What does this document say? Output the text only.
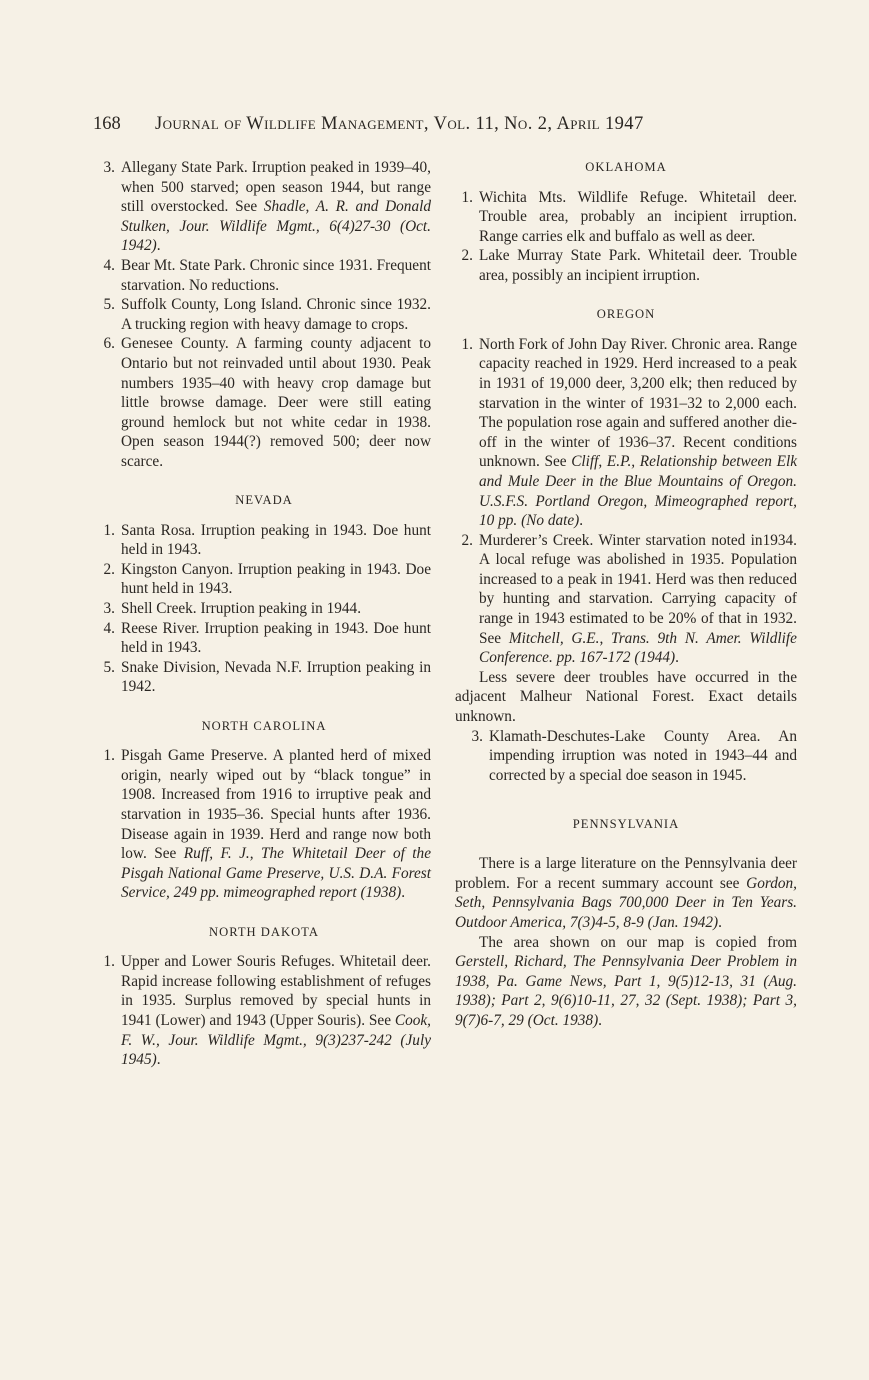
168 Journal of Wildlife Management, Vol. 11, No. 2, April 1947

3. Allegany State Park. Irruption peaked in 1939–40, when 500 starved; open season 1944, but range still overstocked. See Shadle, A. R. and Donald Stulken, Jour. Wildlife Mgmt., 6(4)27-30 (Oct. 1942).

4. Bear Mt. State Park. Chronic since 1931. Frequent starvation. No reductions.

5. Suffolk County, Long Island. Chronic since 1932. A trucking region with heavy damage to crops.

6. Genesee County. A farming county adjacent to Ontario but not reinvaded until about 1930. Peak numbers 1935–40 with heavy crop damage but little browse damage. Deer were still eating ground hemlock but not white cedar in 1938. Open season 1944(?) removed 500; deer now scarce.

NEVADA

1. Santa Rosa. Irruption peaking in 1943. Doe hunt held in 1943.

2. Kingston Canyon. Irruption peaking in 1943. Doe hunt held in 1943.

3. Shell Creek. Irruption peaking in 1944.

4. Reese River. Irruption peaking in 1943. Doe hunt held in 1943.

5. Snake Division, Nevada N.F. Irruption peaking in 1942.

NORTH CAROLINA

1. Pisgah Game Preserve. A planted herd of mixed origin, nearly wiped out by “black tongue” in 1908. Increased from 1916 to irruptive peak and starvation in 1935–36. Special hunts after 1936. Disease again in 1939. Herd and range now both low. See Ruff, F. J., The Whitetail Deer of the Pisgah National Game Preserve, U.S. D.A. Forest Service, 249 pp. mimeographed report (1938).

NORTH DAKOTA

1. Upper and Lower Souris Refuges. Whitetail deer. Rapid increase following establishment of refuges in 1935. Surplus removed by special hunts in 1941 (Lower) and 1943 (Upper Souris). See Cook, F. W., Jour. Wildlife Mgmt., 9(3)237-242 (July 1945).

OKLAHOMA

1. Wichita Mts. Wildlife Refuge. Whitetail deer. Trouble area, probably an incipient irruption. Range carries elk and buffalo as well as deer.

2. Lake Murray State Park. Whitetail deer. Trouble area, possibly an incipient irruption.

OREGON

1. North Fork of John Day River. Chronic area. Range capacity reached in 1929. Herd increased to a peak in 1931 of 19,000 deer, 3,200 elk; then reduced by starvation in the winter of 1931–32 to 2,000 each. The population rose again and suffered another die-off in the winter of 1936–37. Recent conditions unknown. See Cliff, E.P., Relationship between Elk and Mule Deer in the Blue Mountains of Oregon. U.S.F.S. Portland Oregon, Mimeographed report, 10 pp. (No date).

2. Murderer’s Creek. Winter starvation noted in1934. A local refuge was abolished in 1935. Population increased to a peak in 1941. Herd was then reduced by hunting and starvation. Carrying capacity of range in 1943 estimated to be 20% of that in 1932. See Mitchell, G.E., Trans. 9th N. Amer. Wildlife Conference. pp. 167-172 (1944).

Less severe deer troubles have occurred in the adjacent Malheur National Forest. Exact details unknown.

3. Klamath-Deschutes-Lake County Area. An impending irruption was noted in 1943–44 and corrected by a special doe season in 1945.

PENNSYLVANIA

There is a large literature on the Pennsylvania deer problem. For a recent summary account see Gordon, Seth, Pennsylvania Bags 700,000 Deer in Ten Years. Outdoor America, 7(3)4-5, 8-9 (Jan. 1942).

The area shown on our map is copied from Gerstell, Richard, The Pennsylvania Deer Problem in 1938, Pa. Game News, Part 1, 9(5)12-13, 31 (Aug. 1938); Part 2, 9(6)10-11, 27, 32 (Sept. 1938); Part 3, 9(7)6-7, 29 (Oct. 1938).
